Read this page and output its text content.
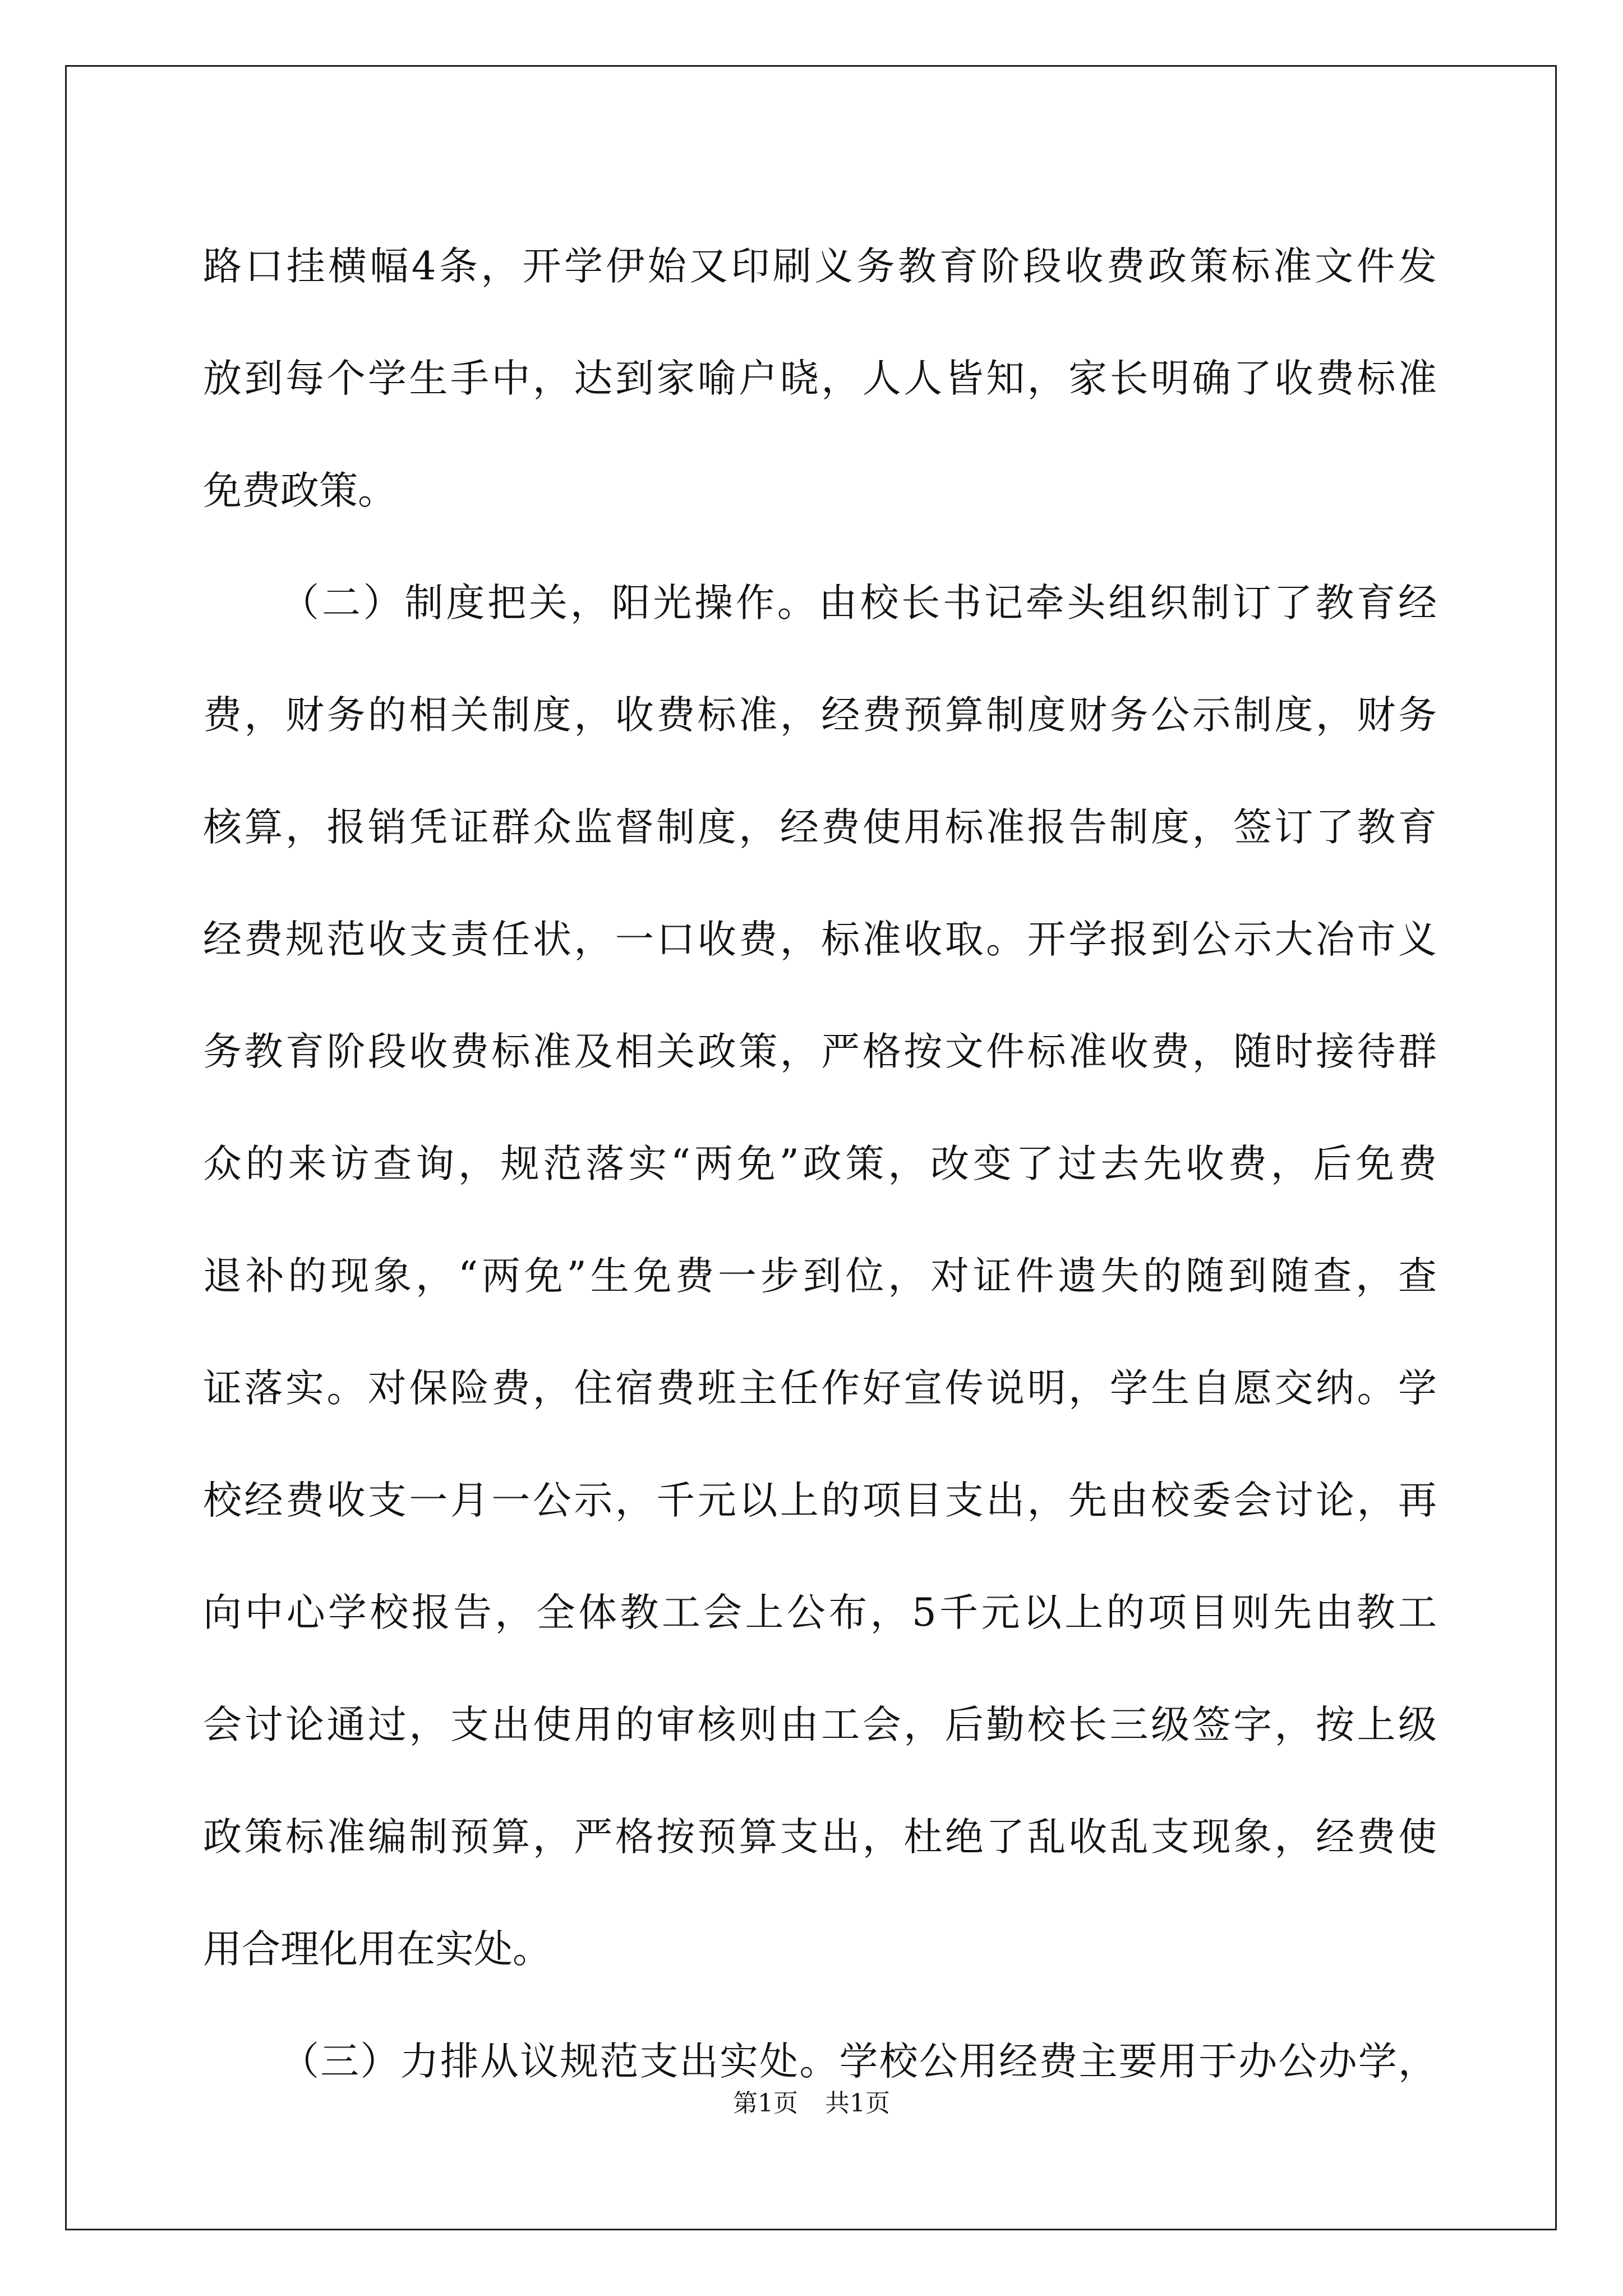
路口挂横幅4条，开学伊始又印刷义务教育阶段收费政策标准文件发
放到每个学生手中，达到家喻户晓，人人皆知，家长明确了收费标准
免费政策。
（二）制度把关，阳光操作。由校长书记牵头组织制订了教育经
费，财务的相关制度，收费标准，经费预算制度财务公示制度，财务
核算，报销凭证群众监督制度，经费使用标准报告制度，签订了教育
经费规范收支责任状，一口收费，标准收取。开学报到公示大冶市义
务教育阶段收费标准及相关政策，严格按文件标准收费，随时接待群
众的来访查询，规范落实“两免”政策，改变了过去先收费，后免费
退补的现象，“两免”生免费一步到位，对证件遗失的随到随查，查
证落实。对保险费，住宿费班主任作好宣传说明，学生自愿交纳。学
校经费收支一月一公示，千元以上的项目支出，先由校委会讨论，再
向中心学校报告，全体教工会上公布，5千元以上的项目则先由教工
会讨论通过，支出使用的审核则由工会，后勤校长三级签字，按上级
政策标准编制预算，严格按预算支出，杜绝了乱收乱支现象，经费使
用合理化用在实处。
（三）力排从议规范支出实处。学校公用经费主要用于办公办学，
第1页 共1页
